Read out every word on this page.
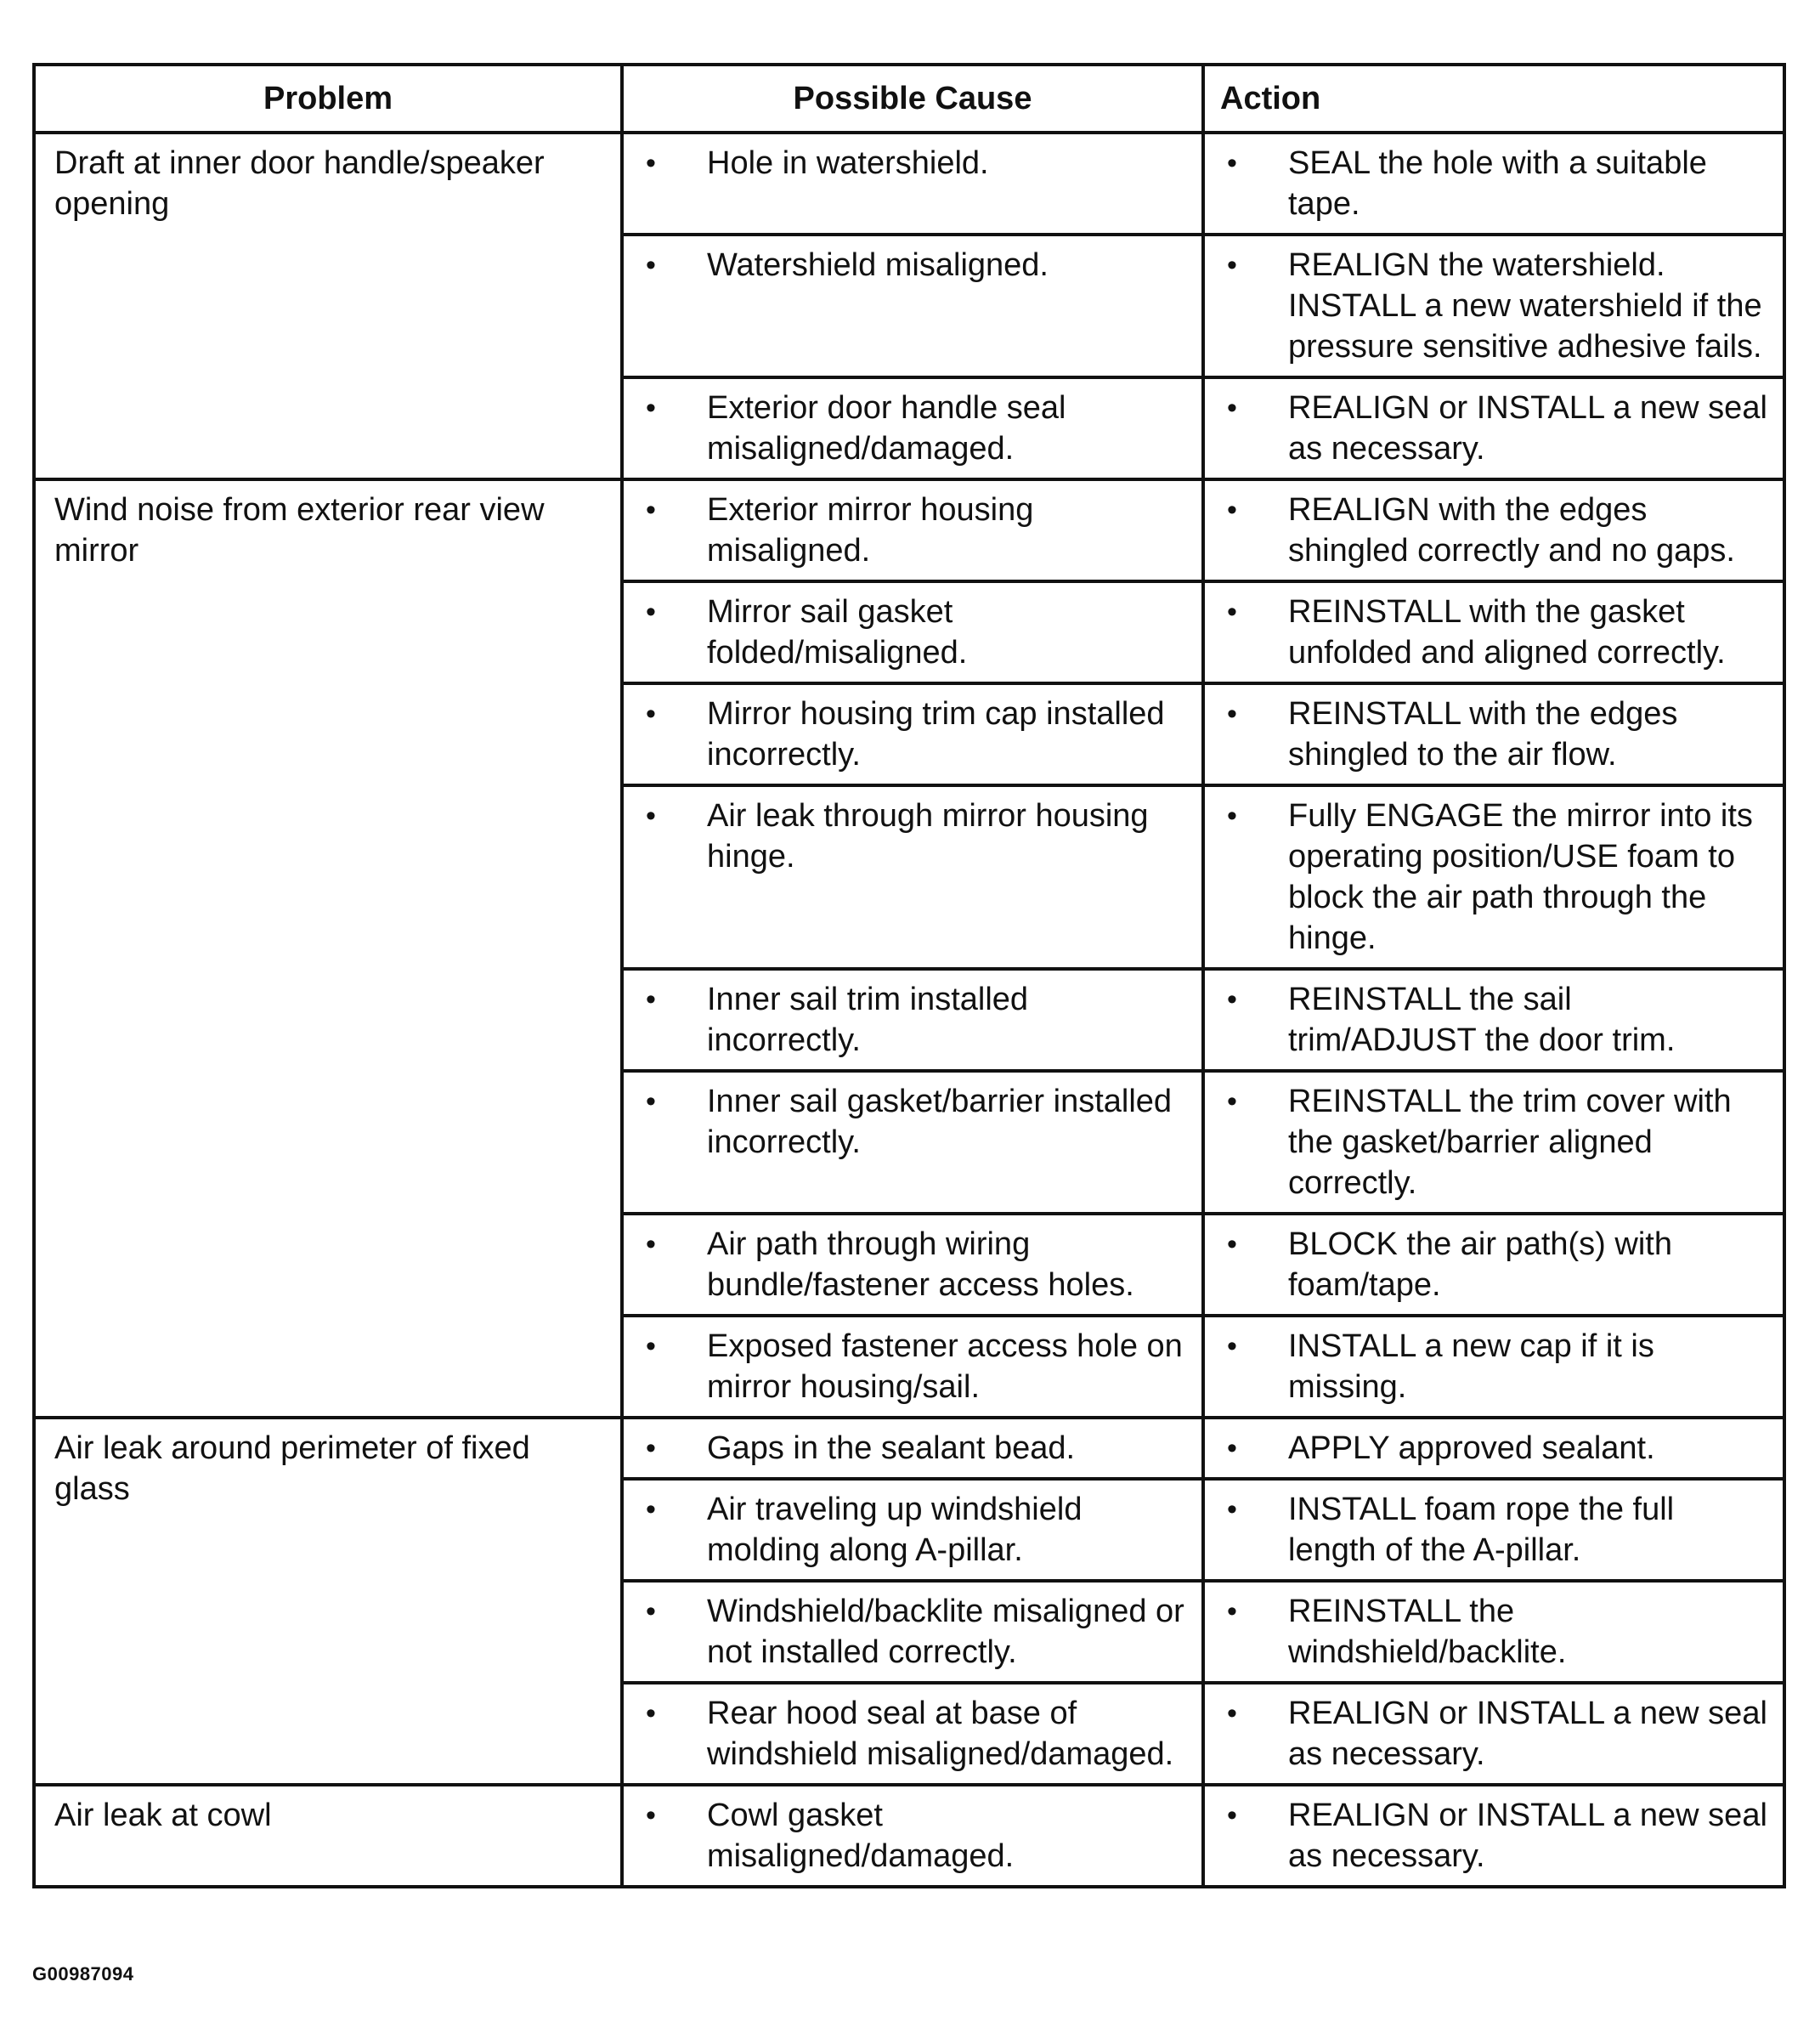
Problem	Possible Cause	Action
Draft at inner door handle/speaker opening	• Hole in watershield.	• SEAL the hole with a suitable tape.

	• Watershield misaligned.	• REALIGN the watershield. INSTALL a new watershield if the pressure sensitive adhesive fails.

	• Exterior door handle seal misaligned/damaged.	• REALIGN or INSTALL a new seal as necessary.

Wind noise from exterior rear view mirror	• Exterior mirror housing misaligned.	• REALIGN with the edges shingled correctly and no gaps.

	• Mirror sail gasket folded/misaligned.	• REINSTALL with the gasket unfolded and aligned correctly.

	• Mirror housing trim cap installed incorrectly.	• REINSTALL with the edges shingled to the air flow.

	• Air leak through mirror housing hinge.	• Fully ENGAGE the mirror into its operating position/USE foam to block the air path through the hinge.

	• Inner sail trim installed incorrectly.	• REINSTALL the sail trim/ADJUST the door trim.

	• Inner sail gasket/barrier installed incorrectly.	• REINSTALL the trim cover with the gasket/barrier aligned correctly.

	• Air path through wiring bundle/fastener access holes.	• BLOCK the air path(s) with foam/tape.

	• Exposed fastener access hole on mirror housing/sail.	• INSTALL a new cap if it is missing.

Air leak around perimeter of fixed glass	• Gaps in the sealant bead.	• APPLY approved sealant.

	• Air traveling up windshield molding along A-pillar.	• INSTALL foam rope the full length of the A-pillar.

	• Windshield/backlite misaligned or not installed correctly.	• REINSTALL the windshield/backlite.

	• Rear hood seal at base of windshield misaligned/damaged.	• REALIGN or INSTALL a new seal as necessary.

Air leak at cowl	• Cowl gasket misaligned/damaged.	• REALIGN or INSTALL a new seal as necessary.
G00987094
